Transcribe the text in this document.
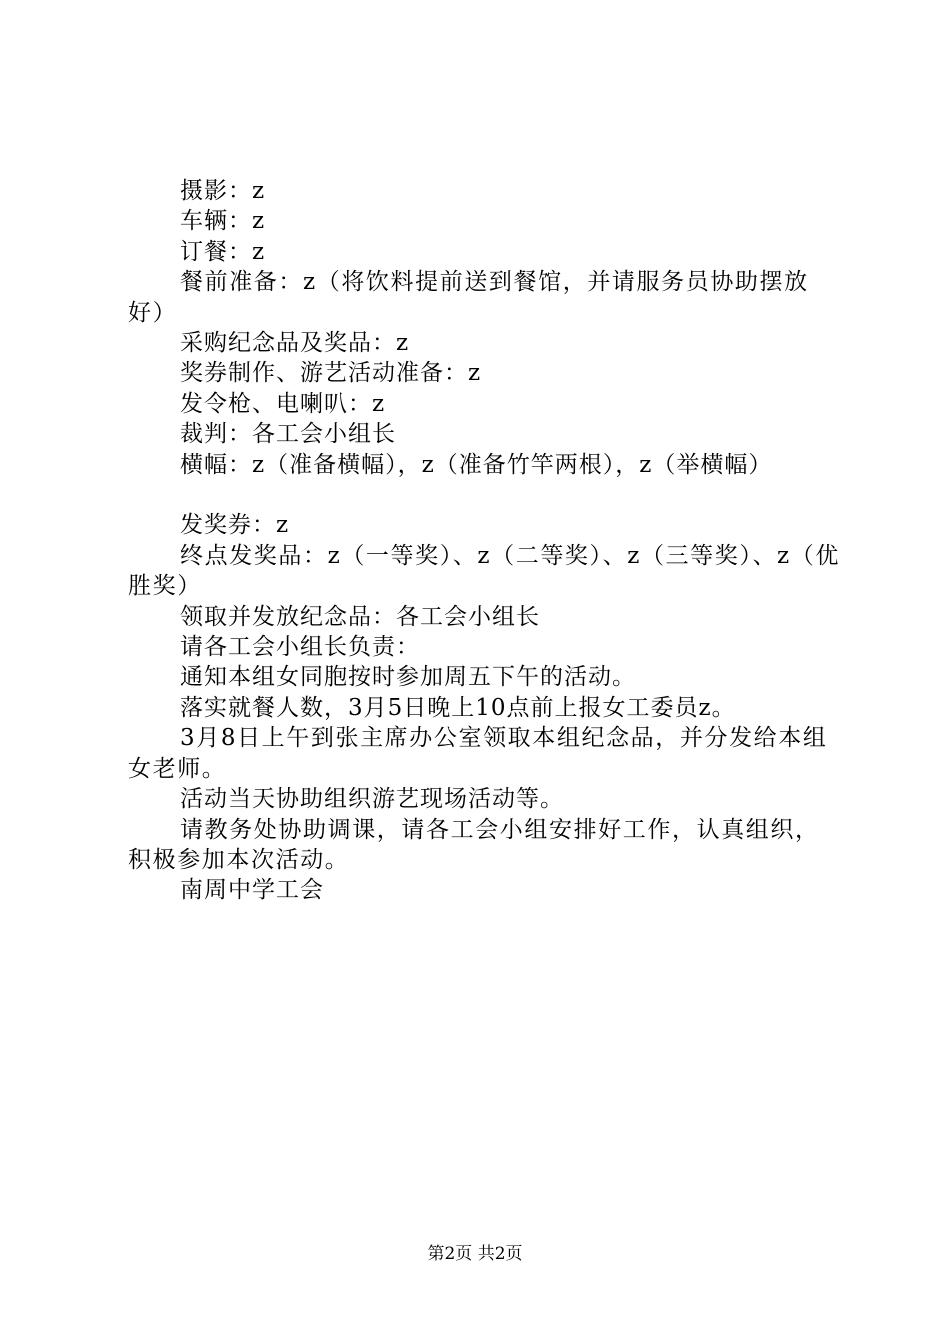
摄影：z

车辆：z

订餐：z

餐前准备：z（将饮料提前送到餐馆，并请服务员协助摆放好）

采购纪念品及奖品：z

奖券制作、游艺活动准备：z

发令枪、电喇叭：z

裁判：各工会小组长

横幅：z（准备横幅），z（准备竹竿两根），z（举横幅）

发奖券：z

终点发奖品：z（一等奖）、z（二等奖）、z（三等奖）、z（优胜奖）

领取并发放纪念品：各工会小组长

请各工会小组长负责：

通知本组女同胞按时参加周五下午的活动。

落实就餐人数，3月5日晚上10点前上报女工委员z。

3月8日上午到张主席办公室领取本组纪念品，并分发给本组女老师。

活动当天协助组织游艺现场活动等。

请教务处协助调课，请各工会小组安排好工作，认真组织，积极参加本次活动。

南周中学工会

第2页 共2页
